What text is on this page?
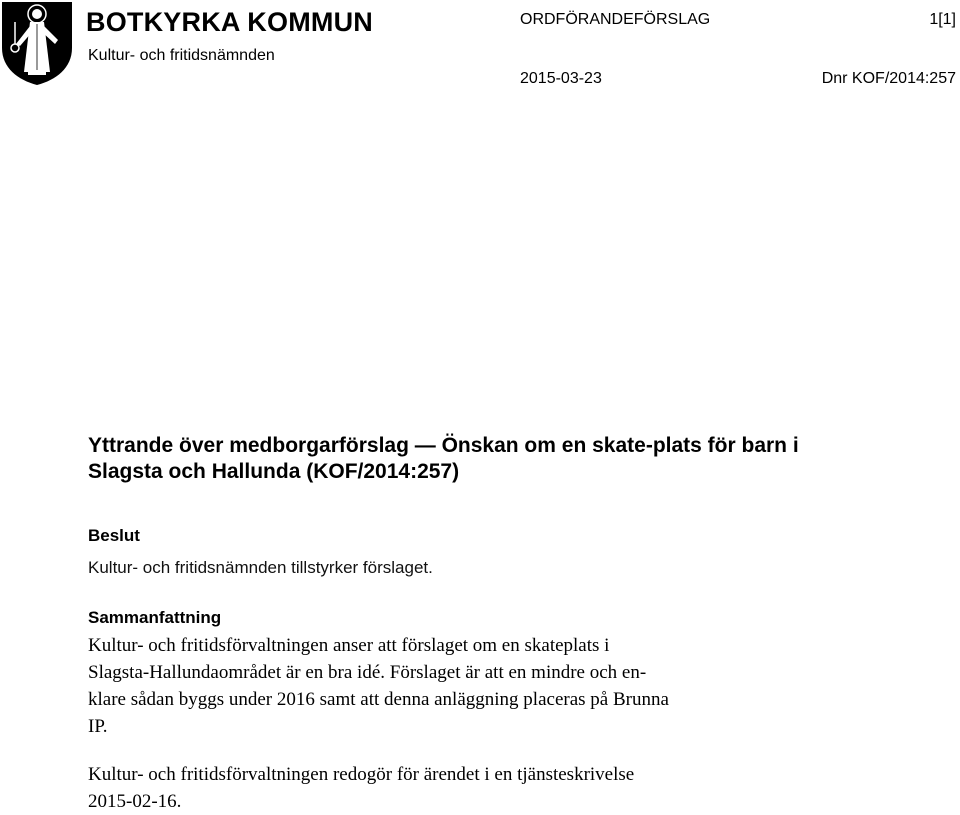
BOTKYRKA KOMMUN
Kultur- och fritidsnämnden
ORDFÖRANDEFÖRSLAG	1[1]
2015-03-23	Dnr KOF/2014:257
Yttrande över medborgarförslag — Önskan om en skate-plats för barn i Slagsta och Hallunda (KOF/2014:257)
Beslut

Kultur- och fritidsnämnden tillstyrker förslaget.

Sammanfattning
Kultur- och fritidsförvaltningen anser att förslaget om en skateplats i
Slagsta-Hallundaområdet är en bra idé. Förslaget är att en mindre och en-
klare sådan byggs under 2016 samt att denna anläggning placeras på Brunna
IP.
Kultur- och fritidsförvaltningen redogör för ärendet i en tjänsteskrivelse
2015-02-16.
